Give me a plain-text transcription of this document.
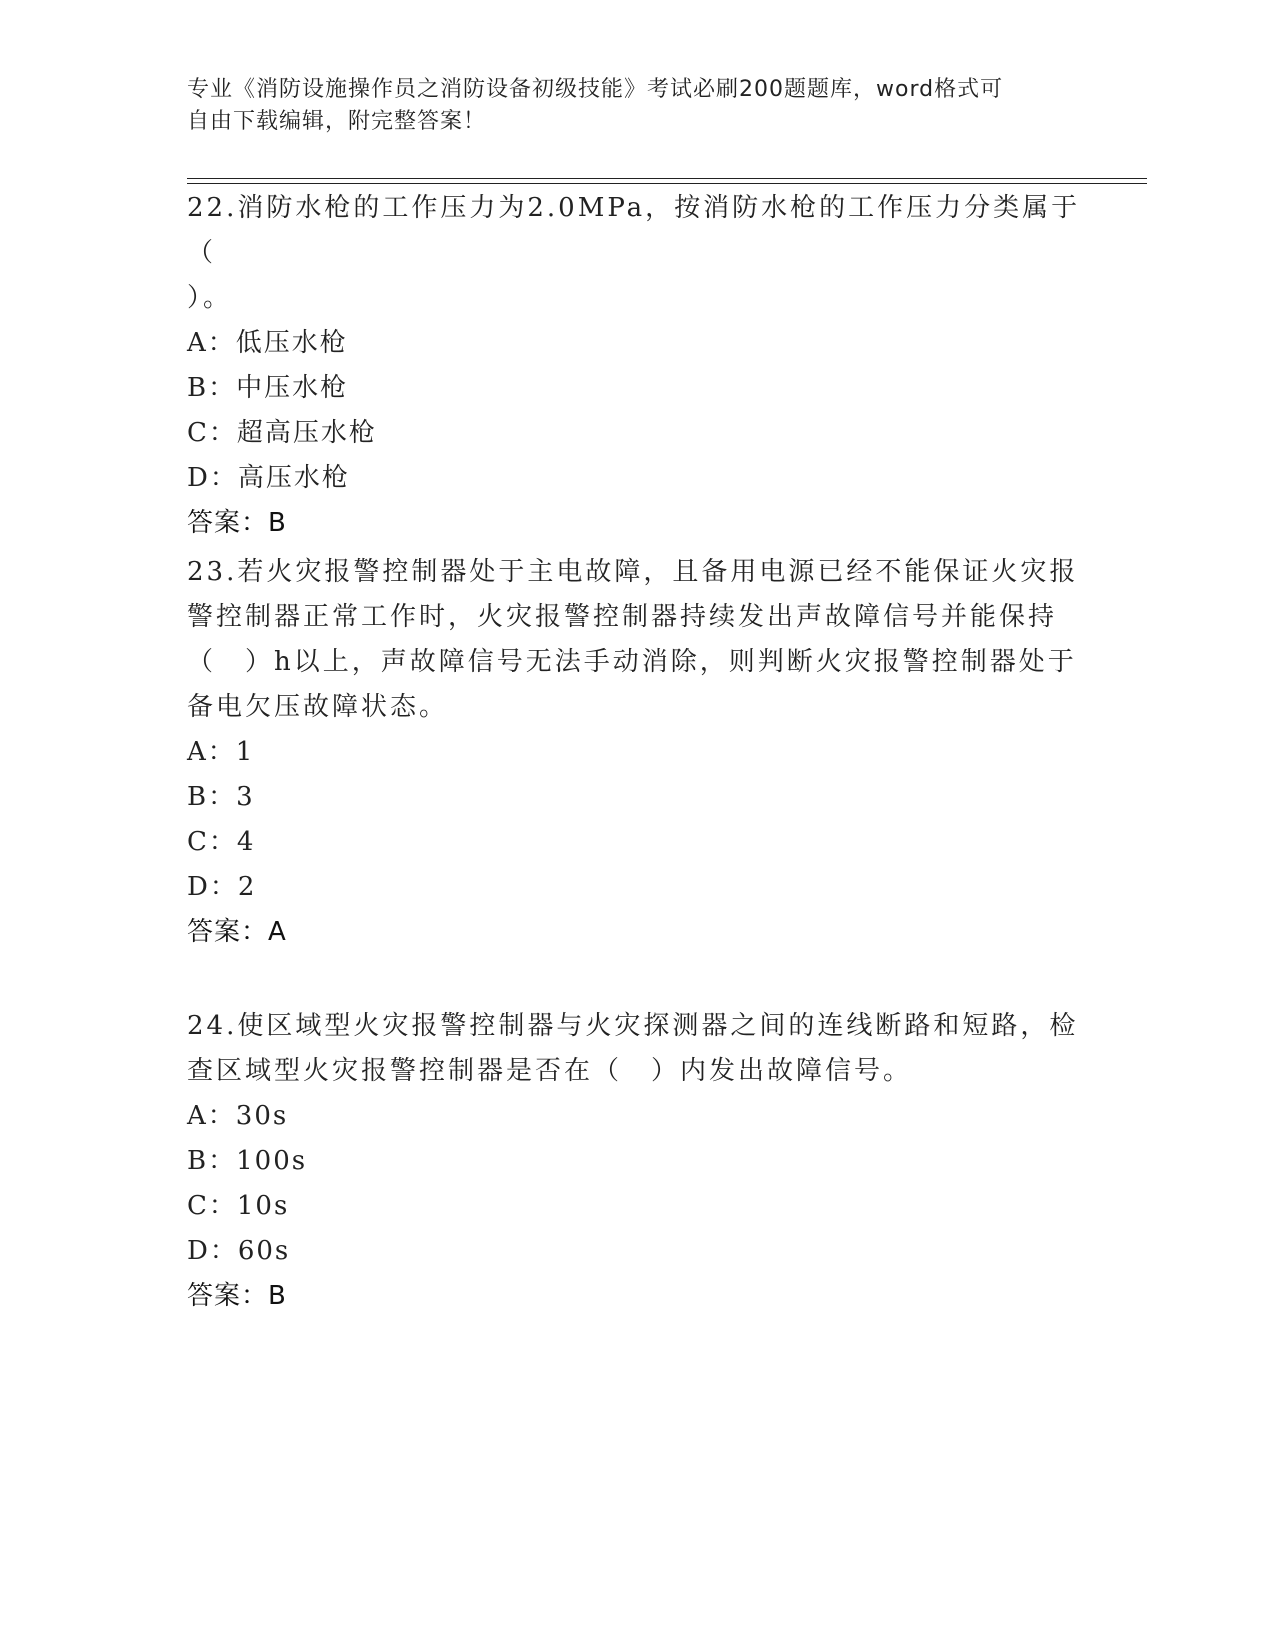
专业《消防设施操作员之消防设备初级技能》考试必刷200题题库，word格式可
自由下载编辑，附完整答案！

22.消防水枪的工作压力为2.0MPa，按消防水枪的工作压力分类属于（

）。

A：低压水枪

B：中压水枪

C：超高压水枪

D：高压水枪

答案：B

23.若火灾报警控制器处于主电故障，且备用电源已经不能保证火灾报

警控制器正常工作时，火灾报警控制器持续发出声故障信号并能保持

（　）h以上，声故障信号无法手动消除，则判断火灾报警控制器处于

备电欠压故障状态。

A：1

B：3

C：4

D：2

答案：A

24.使区域型火灾报警控制器与火灾探测器之间的连线断路和短路，检

查区域型火灾报警控制器是否在（　）内发出故障信号。

A：30s

B：100s

C：10s

D：60s

答案：B
